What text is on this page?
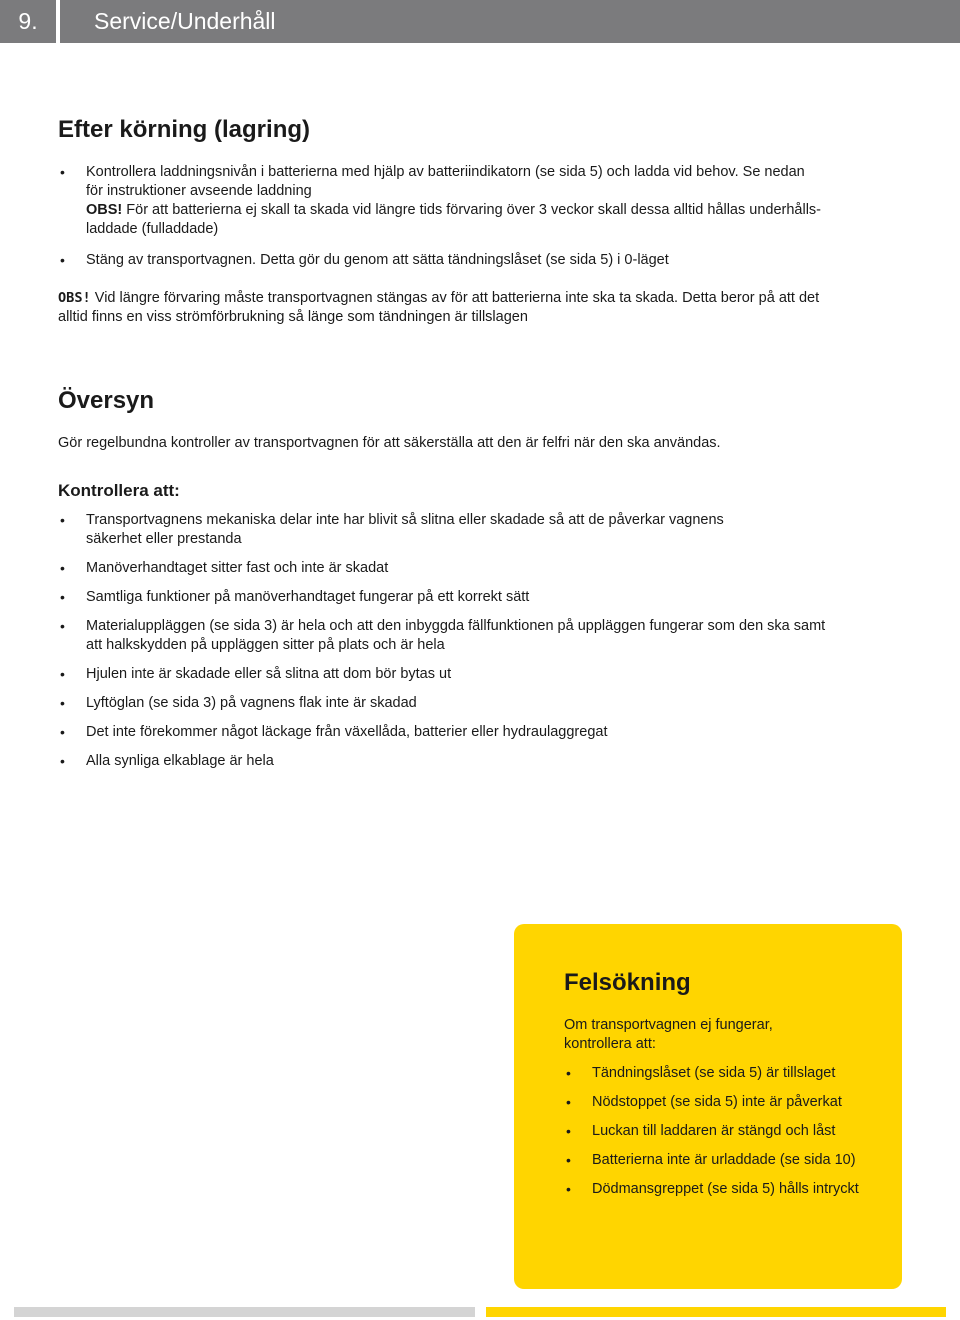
9.	Service/Underhåll
Efter körning (lagring)
• Kontrollera laddningsnivån i batterierna med hjälp av batteriindikatorn (se sida 5) och ladda vid behov. Se nedan
för instruktioner avseende laddning
OBS! För att batterierna ej skall ta skada vid längre tids förvaring över 3 veckor skall dessa alltid hållas underhålls-
laddade (fulladdade)
• Stäng av transportvagnen. Detta gör du genom att sätta tändningslåset (se sida 5) i 0-läget

OBS! Vid längre förvaring måste transportvagnen stängas av för att batterierna inte ska ta skada. Detta beror på att det
alltid finns en viss strömförbrukning så länge som tändningen är tillslagen

Översyn

Gör regelbundna kontroller av transportvagnen för att säkerställa att den är felfri när den ska användas.

Kontrollera att:

• Transportvagnens mekaniska delar inte har blivit så slitna eller skadade så att de påverkar vagnens
säkerhet eller prestanda
• Manöverhandtaget sitter fast och inte är skadat
• Samtliga funktioner på manöverhandtaget fungerar på ett korrekt sätt
• Materialuppläggen (se sida 3) är hela och att den inbyggda fällfunktionen på uppläggen fungerar som den ska samt
att halkskydden på uppläggen sitter på plats och är hela
• Hjulen inte är skadade eller så slitna att dom bör bytas ut
• Lyftöglan (se sida 3) på vagnens flak inte är skadad
• Det inte förekommer något läckage från växellåda, batterier eller hydraulaggregat
• Alla synliga elkablage är hela
Felsökning

Om transportvagnen ej fungerar,
kontrollera att:

• Tändningslåset (se sida 5) är tillslaget
• Nödstoppet (se sida 5) inte är påverkat
• Luckan till laddaren är stängd och låst
• Batterierna inte är urladdade (se sida 10)
• Dödmansgreppet (se sida 5) hålls intryckt
